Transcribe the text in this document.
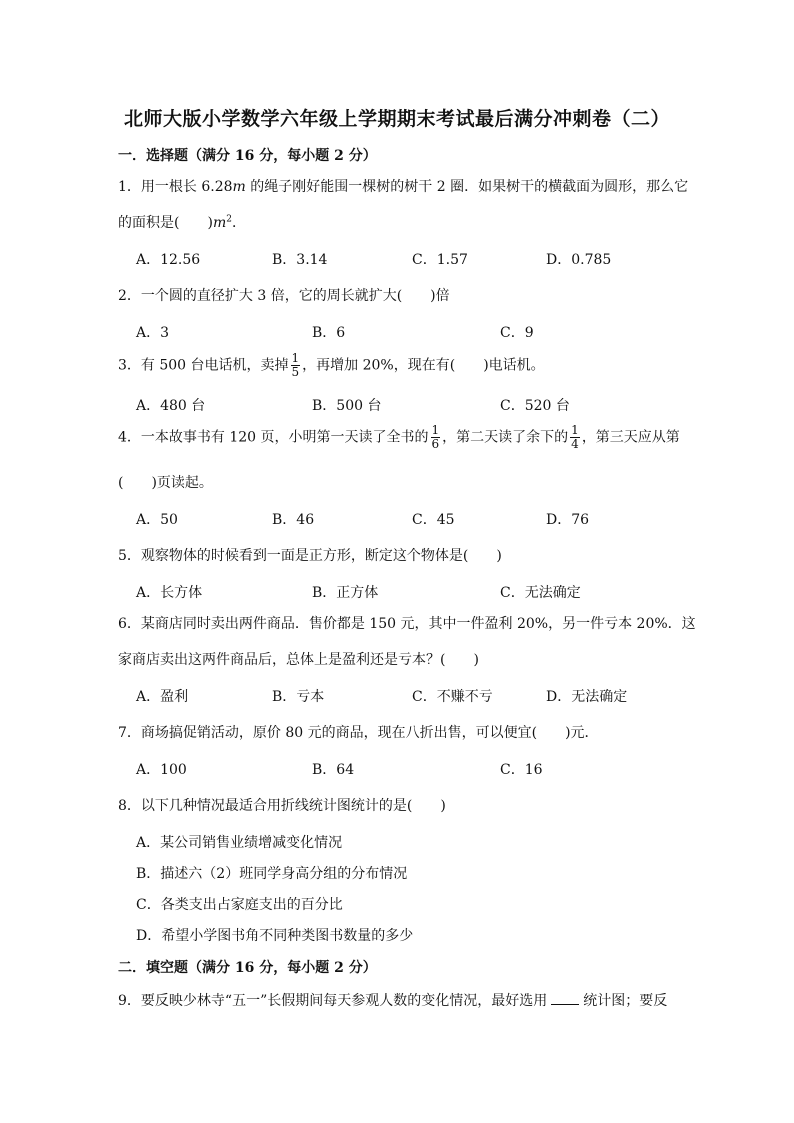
北师大版小学数学六年级上学期期末考试最后满分冲刺卷（二）
一．选择题（满分 16 分，每小题 2 分）
1．用一根长 6.28m 的绳子刚好能围一棵树的树干 2 圈．如果树干的横截面为圆形，那么它
的面积是(　　)$m^2$．
A．12.56	B．3.14	C．1.57	D．0.785
2．一个圆的直径扩大 3 倍，它的周长就扩大(　　)倍
A．3	B．6	C．9
3．有 500 台电话机，卖掉 $\frac{1}{5}$ ，再增加 20%，现在有(　　)电话机。
A．480 台	B．500 台	C．520 台
4．一本故事书有 120 页，小明第一天读了全书的 $\frac{1}{6}$ ，第二天读了余下的 $\frac{1}{4}$ ，第三天应从第
(　　)页读起。
A．50	B．46	C．45	D．76
5．观察物体的时候看到一面是正方形，断定这个物体是(　　)
A．长方体	B．正方体	C．无法确定
6．某商店同时卖出两件商品．售价都是 150 元，其中一件盈利 20%，另一件亏本 20%．这
家商店卖出这两件商品后，总体上是盈利还是亏本？(　　)
A．盈利	B．亏本	C．不赚不亏	D．无法确定
7．商场搞促销活动，原价 80 元的商品，现在八折出售，可以便宜(　　)元．
A．100	B．64	C．16
8．以下几种情况最适合用折线统计图统计的是(　　)
A．某公司销售业绩增减变化情况
B．描述六（2）班同学身高分组的分布情况
C．各类支出占家庭支出的百分比
D．希望小学图书角不同种类图书数量的多少
二．填空题（满分 16 分，每小题 2 分）
9．要反映少林寺“五一”长假期间每天参观人数的变化情况，最好选用	统计图；要反
